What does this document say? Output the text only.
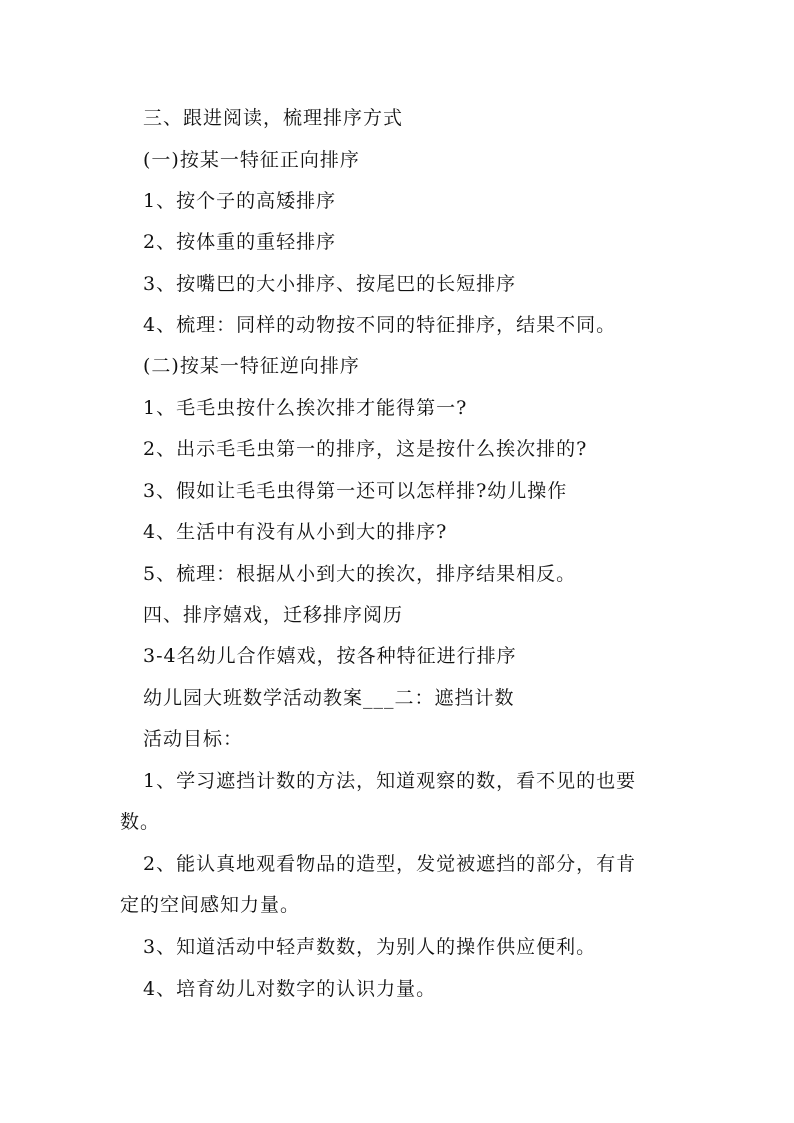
三、跟进阅读，梳理排序方式
(一)按某一特征正向排序
1、按个子的高矮排序
2、按体重的重轻排序
3、按嘴巴的大小排序、按尾巴的长短排序
4、梳理：同样的动物按不同的特征排序，结果不同。
(二)按某一特征逆向排序
1、毛毛虫按什么挨次排才能得第一?
2、出示毛毛虫第一的排序，这是按什么挨次排的?
3、假如让毛毛虫得第一还可以怎样排?幼儿操作
4、生活中有没有从小到大的排序?
5、梳理：根据从小到大的挨次，排序结果相反。
四、排序嬉戏，迁移排序阅历
3-4名幼儿合作嬉戏，按各种特征进行排序
幼儿园大班数学活动教案___二：遮挡计数
活动目标：
1、学习遮挡计数的方法，知道观察的数，看不见的也要
数。
2、能认真地观看物品的造型，发觉被遮挡的部分，有肯
定的空间感知力量。
3、知道活动中轻声数数，为别人的操作供应便利。
4、培育幼儿对数字的认识力量。
